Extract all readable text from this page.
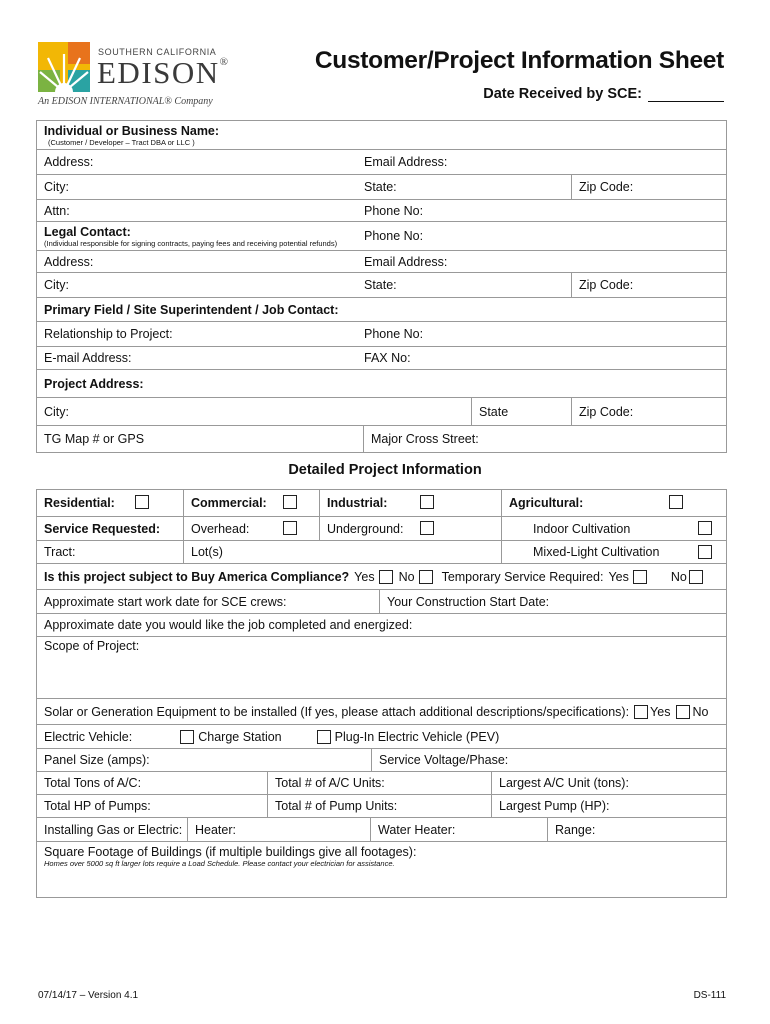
SOUTHERN CALIFORNIA
EDISON®
An EDISON INTERNATIONAL® Company
Customer/Project Information Sheet
Date Received by SCE:
Individual or Business Name:
(Customer / Developer – Tract DBA or LLC )
Address:	Email Address:
City:	State:	Zip Code:
Attn:	Phone No:
Legal Contact:
(Individual responsible for signing contracts, paying fees and receiving potential refunds)	Phone No:
Address:	Email Address:
City:	State:	Zip Code:
Primary Field / Site Superintendent / Job Contact:
Relationship to Project:	Phone No:
E-mail Address:	FAX No:
Project Address:
City:	State	Zip Code:
TG Map # or GPS	Major Cross Street:
Detailed Project Information
Residential:	Commercial:	Industrial:	Agricultural:
Service Requested:	Overhead:	Underground:	Indoor Cultivation
Tract:	Lot(s)	Mixed-Light Cultivation
Is this project subject to Buy America Compliance? Yes No Temporary Service Required: Yes	No
Approximate start work date for SCE crews:	Your Construction Start Date:
Approximate date you would like the job completed and energized:
Scope of Project:
Solar or Generation Equipment to be installed (If yes, please attach additional descriptions/specifications): Yes No
Electric Vehicle:	Charge Station	Plug-In Electric Vehicle (PEV)
Panel Size (amps):	Service Voltage/Phase:
Total Tons of A/C:	Total # of A/C Units:	Largest A/C Unit (tons):
Total HP of Pumps:	Total # of Pump Units:	Largest Pump (HP):
Installing Gas or Electric:	Heater:	Water Heater:	Range:
Square Footage of Buildings (if multiple buildings give all footages):
Homes over 5000 sq ft larger lots require a Load Schedule. Please contact your electrician for assistance.
07/14/17 – Version 4.1	DS-111
